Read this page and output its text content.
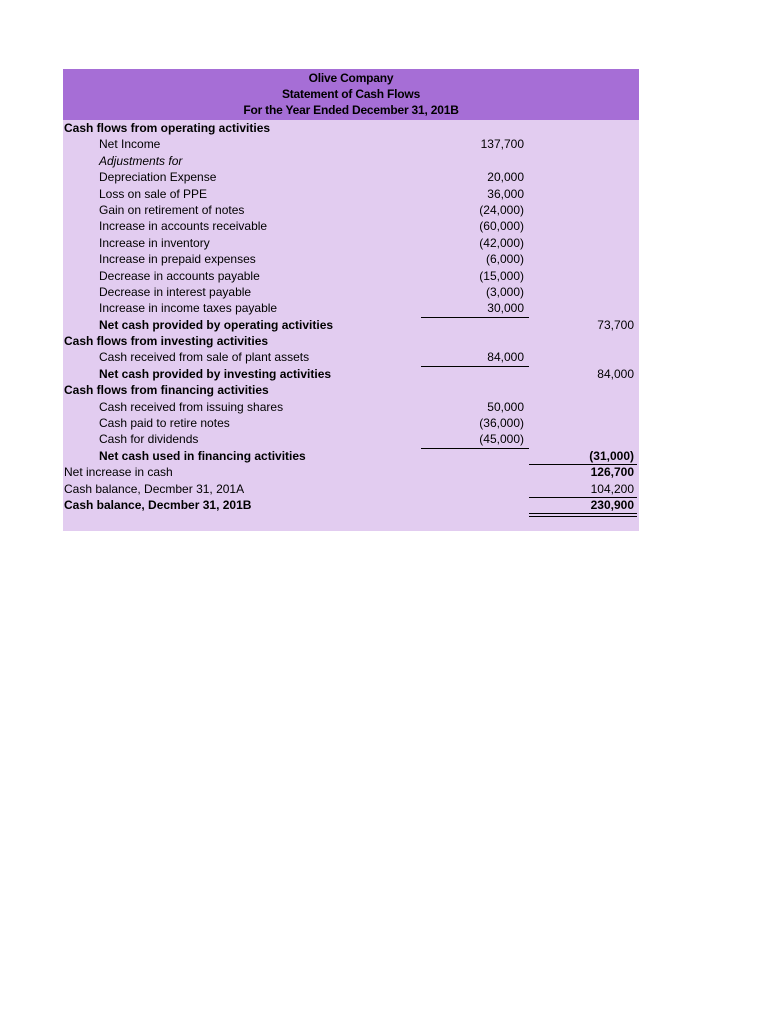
Olive Company
Statement of Cash Flows
For the Year Ended December 31, 201B
Cash flows from operating activities
Net Income	137,700
Adjustments for
Depreciation Expense	20,000
Loss on sale of PPE	36,000
Gain on retirement of notes	(24,000)
Increase in accounts receivable	(60,000)
Increase in inventory	(42,000)
Increase in prepaid expenses	(6,000)
Decrease in accounts payable	(15,000)
Decrease in interest payable	(3,000)
Increase in income taxes payable	30,000
Net cash provided by operating activities	73,700
Cash flows from investing activities
Cash received from sale of plant assets	84,000
Net cash provided by investing activities	84,000
Cash flows from financing activities
Cash received from issuing shares	50,000
Cash paid to retire notes	(36,000)
Cash for dividends	(45,000)
Net cash used in financing activities	(31,000)
Net increase in cash	126,700
Cash balance, Decmber 31, 201A	104,200
Cash balance, Decmber 31, 201B	230,900
